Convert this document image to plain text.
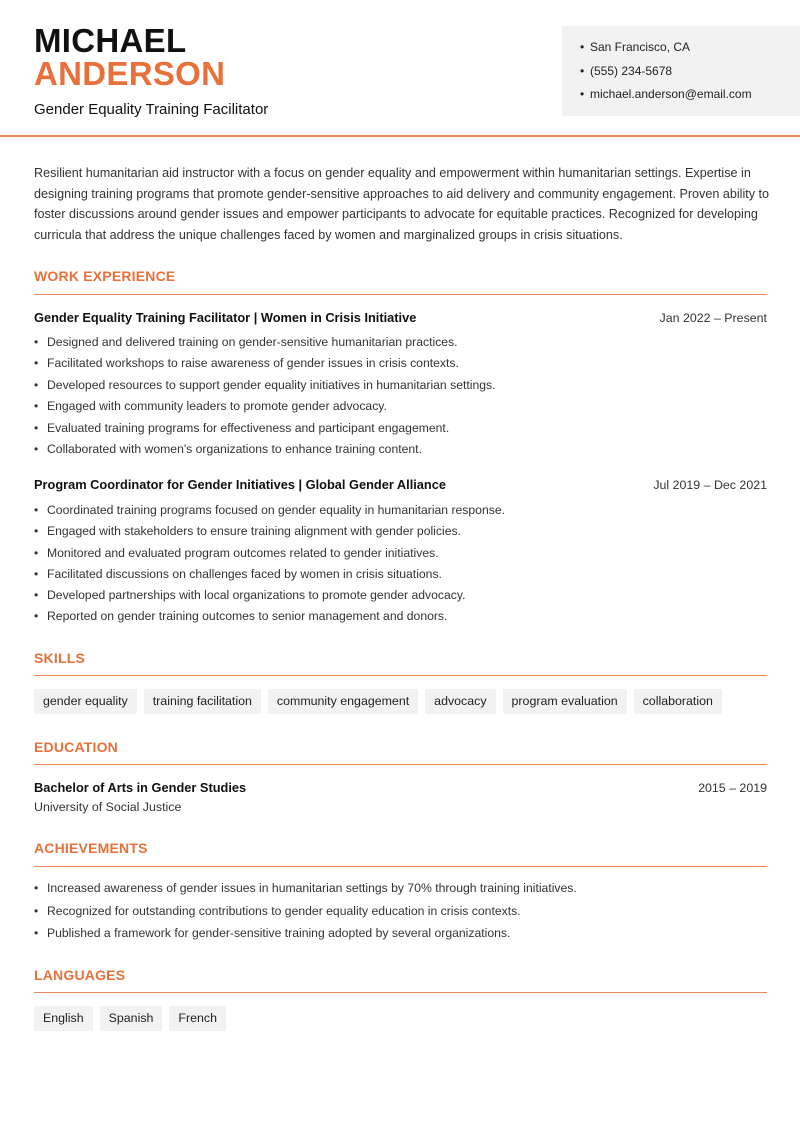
MICHAEL
ANDERSON
Gender Equality Training Facilitator
• San Francisco, CA
• (555) 234-5678
• michael.anderson@email.com
Resilient humanitarian aid instructor with a focus on gender equality and empowerment within humanitarian settings. Expertise in designing training programs that promote gender-sensitive approaches to aid delivery and community engagement. Proven ability to foster discussions around gender issues and empower participants to advocate for equitable practices. Recognized for developing curricula that address the unique challenges faced by women and marginalized groups in crisis situations.
WORK EXPERIENCE
Gender Equality Training Facilitator | Women in Crisis Initiative	Jan 2022 – Present
• Designed and delivered training on gender-sensitive humanitarian practices.
• Facilitated workshops to raise awareness of gender issues in crisis contexts.
• Developed resources to support gender equality initiatives in humanitarian settings.
• Engaged with community leaders to promote gender advocacy.
• Evaluated training programs for effectiveness and participant engagement.
• Collaborated with women's organizations to enhance training content.
Program Coordinator for Gender Initiatives | Global Gender Alliance	Jul 2019 – Dec 2021
• Coordinated training programs focused on gender equality in humanitarian response.
• Engaged with stakeholders to ensure training alignment with gender policies.
• Monitored and evaluated program outcomes related to gender initiatives.
• Facilitated discussions on challenges faced by women in crisis situations.
• Developed partnerships with local organizations to promote gender advocacy.
• Reported on gender training outcomes to senior management and donors.
SKILLS
gender equality	training facilitation	community engagement	advocacy	program evaluation	collaboration
EDUCATION
Bachelor of Arts in Gender Studies	2015 – 2019
University of Social Justice
ACHIEVEMENTS
• Increased awareness of gender issues in humanitarian settings by 70% through training initiatives.
• Recognized for outstanding contributions to gender equality education in crisis contexts.
• Published a framework for gender-sensitive training adopted by several organizations.
LANGUAGES
English	Spanish	French
